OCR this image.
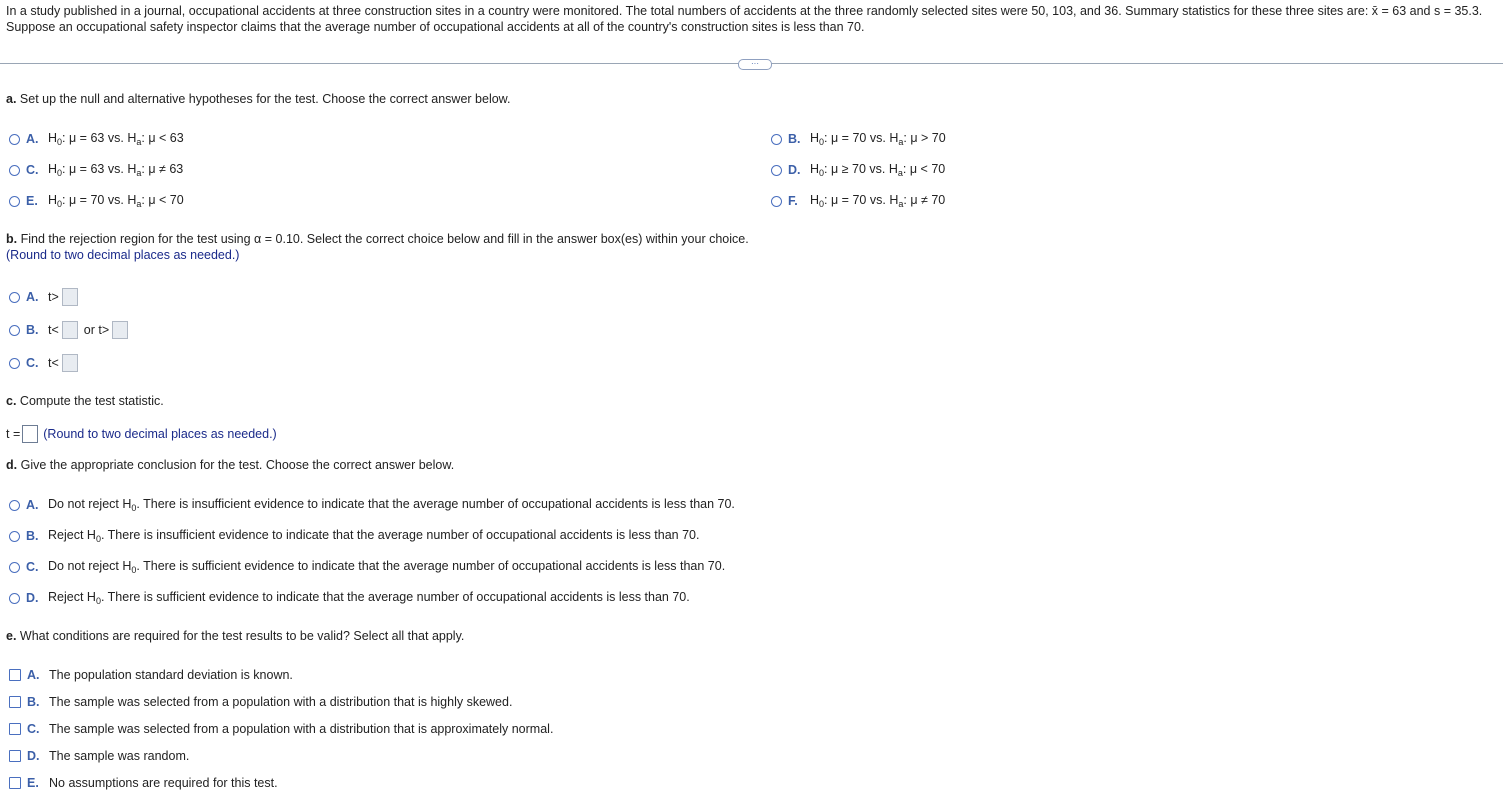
In a study published in a journal, occupational accidents at three construction sites in a country were monitored. The total numbers of accidents at the three randomly selected sites were 50, 103, and 36. Summary statistics for these three sites are: x̄ = 63 and s = 35.3. Suppose an occupational safety inspector claims that the average number of occupational accidents at all of the country's construction sites is less than 70.
···
a. Set up the null and alternative hypotheses for the test. Choose the correct answer below.
A. $H_0$: μ = 63 vs. $H_a$: μ < 63	B. $H_0$: μ = 70 vs. $H_a$: μ > 70
C. $H_0$: μ = 63 vs. $H_a$: μ ≠ 63	D. $H_0$: μ ≥ 70 vs. $H_a$: μ < 70
E. $H_0$: μ = 70 vs. $H_a$: μ < 70	F. $H_0$: μ = 70 vs. $H_a$: μ ≠ 70
b. Find the rejection region for the test using α = 0.10. Select the correct choice below and fill in the answer box(es) within your choice.
(Round to two decimal places as needed.)
A. t>
B. t< or t>
C. t<
c. Compute the test statistic.
t = (Round to two decimal places as needed.)
d. Give the appropriate conclusion for the test. Choose the correct answer below.
A. Do not reject $H_0$. There is insufficient evidence to indicate that the average number of occupational accidents is less than 70.
B. Reject $H_0$. There is insufficient evidence to indicate that the average number of occupational accidents is less than 70.
C. Do not reject $H_0$. There is sufficient evidence to indicate that the average number of occupational accidents is less than 70.
D. Reject $H_0$. There is sufficient evidence to indicate that the average number of occupational accidents is less than 70.
e. What conditions are required for the test results to be valid? Select all that apply.
A. The population standard deviation is known.
B. The sample was selected from a population with a distribution that is highly skewed.
C. The sample was selected from a population with a distribution that is approximately normal.
D. The sample was random.
E. No assumptions are required for this test.
